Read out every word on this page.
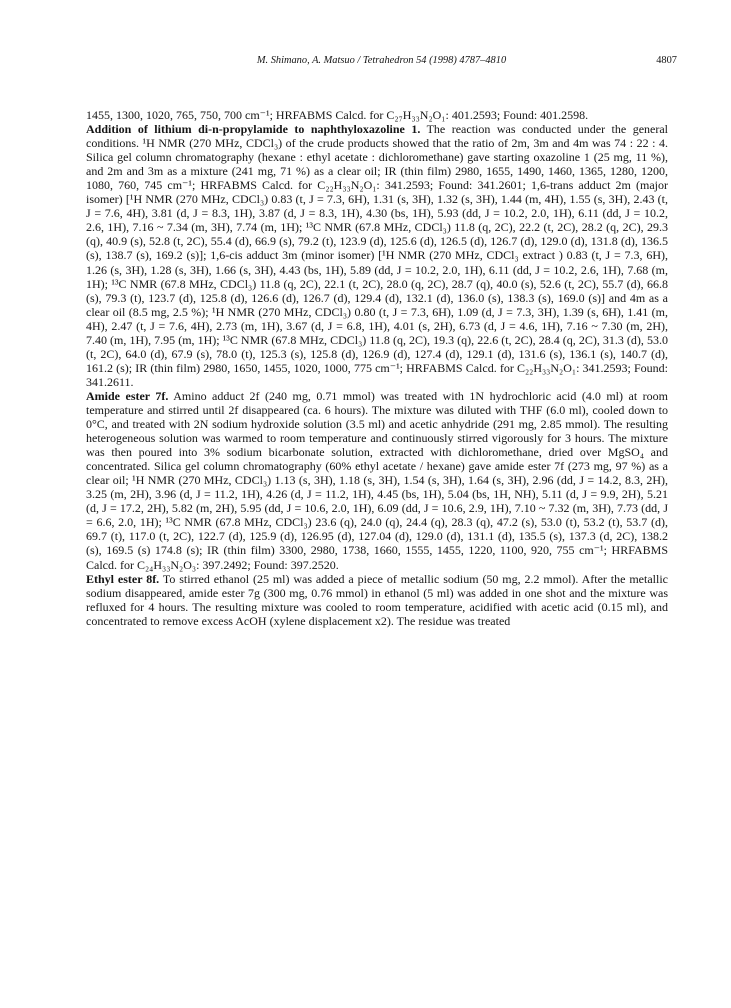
M. Shimano, A. Matsuo / Tetrahedron 54 (1998) 4787–4810	4807

1455, 1300, 1020, 765, 750, 700 cm⁻¹; HRFABMS Calcd. for C₂₇H₃₃N₂O₁: 401.2593; Found: 401.2598.

Addition of lithium di-n-propylamide to naphthyloxazoline 1. The reaction was conducted under the general conditions. ¹H NMR (270 MHz, CDCl₃) of the crude products showed that the ratio of 2m, 3m and 4m was 74 : 22 : 4. Silica gel column chromatography (hexane : ethyl acetate : dichloromethane) gave starting oxazoline 1 (25 mg, 11 %), and 2m and 3m as a mixture (241 mg, 71 %) as a clear oil; IR (thin film) 2980, 1655, 1490, 1460, 1365, 1280, 1200, 1080, 760, 745 cm⁻¹; HRFABMS Calcd. for C₂₂H₃₃N₂O₁: 341.2593; Found: 341.2601; 1,6-trans adduct 2m (major isomer) [¹H NMR (270 MHz, CDCl₃) 0.83 (t, J = 7.3, 6H), 1.31 (s, 3H), 1.32 (s, 3H), 1.44 (m, 4H), 1.55 (s, 3H), 2.43 (t, J = 7.6, 4H), 3.81 (d, J = 8.3, 1H), 3.87 (d, J = 8.3, 1H), 4.30 (bs, 1H), 5.93 (dd, J = 10.2, 2.0, 1H), 6.11 (dd, J = 10.2, 2.6, 1H), 7.16 ~ 7.34 (m, 3H), 7.74 (m, 1H); ¹³C NMR (67.8 MHz, CDCl₃) 11.8 (q, 2C), 22.2 (t, 2C), 28.2 (q, 2C), 29.3 (q), 40.9 (s), 52.8 (t, 2C), 55.4 (d), 66.9 (s), 79.2 (t), 123.9 (d), 125.6 (d), 126.5 (d), 126.7 (d), 129.0 (d), 131.8 (d), 136.5 (s), 138.7 (s), 169.2 (s)]; 1,6-cis adduct 3m (minor isomer) [¹H NMR (270 MHz, CDCl₃ extract ) 0.83 (t, J = 7.3, 6H), 1.26 (s, 3H), 1.28 (s, 3H), 1.66 (s, 3H), 4.43 (bs, 1H), 5.89 (dd, J = 10.2, 2.0, 1H), 6.11 (dd, J = 10.2, 2.6, 1H), 7.68 (m, 1H); ¹³C NMR (67.8 MHz, CDCl₃) 11.8 (q, 2C), 22.1 (t, 2C), 28.0 (q, 2C), 28.7 (q), 40.0 (s), 52.6 (t, 2C), 55.7 (d), 66.8 (s), 79.3 (t), 123.7 (d), 125.8 (d), 126.6 (d), 126.7 (d), 129.4 (d), 132.1 (d), 136.0 (s), 138.3 (s), 169.0 (s)] and 4m as a clear oil (8.5 mg, 2.5 %); ¹H NMR (270 MHz, CDCl₃) 0.80 (t, J = 7.3, 6H), 1.09 (d, J = 7.3, 3H), 1.39 (s, 6H), 1.41 (m, 4H), 2.47 (t, J = 7.6, 4H), 2.73 (m, 1H), 3.67 (d, J = 6.8, 1H), 4.01 (s, 2H), 6.73 (d, J = 4.6, 1H), 7.16 ~ 7.30 (m, 2H), 7.40 (m, 1H), 7.95 (m, 1H); ¹³C NMR (67.8 MHz, CDCl₃) 11.8 (q, 2C), 19.3 (q), 22.6 (t, 2C), 28.4 (q, 2C), 31.3 (d), 53.0 (t, 2C), 64.0 (d), 67.9 (s), 78.0 (t), 125.3 (s), 125.8 (d), 126.9 (d), 127.4 (d), 129.1 (d), 131.6 (s), 136.1 (s), 140.7 (d), 161.2 (s); IR (thin film) 2980, 1650, 1455, 1020, 1000, 775 cm⁻¹; HRFABMS Calcd. for C₂₂H₃₃N₂O₁: 341.2593; Found: 341.2611.

Amide ester 7f. Amino adduct 2f (240 mg, 0.71 mmol) was treated with 1N hydrochloric acid (4.0 ml) at room temperature and stirred until 2f disappeared (ca. 6 hours). The mixture was diluted with THF (6.0 ml), cooled down to 0°C, and treated with 2N sodium hydroxide solution (3.5 ml) and acetic anhydride (291 mg, 2.85 mmol). The resulting heterogeneous solution was warmed to room temperature and continuously stirred vigorously for 3 hours. The mixture was then poured into 3% sodium bicarbonate solution, extracted with dichloromethane, dried over MgSO₄ and concentrated. Silica gel column chromatography (60% ethyl acetate / hexane) gave amide ester 7f (273 mg, 97 %) as a clear oil; ¹H NMR (270 MHz, CDCl₃) 1.13 (s, 3H), 1.18 (s, 3H), 1.54 (s, 3H), 1.64 (s, 3H), 2.96 (dd, J = 14.2, 8.3, 2H), 3.25 (m, 2H), 3.96 (d, J = 11.2, 1H), 4.26 (d, J = 11.2, 1H), 4.45 (bs, 1H), 5.04 (bs, 1H, NH), 5.11 (d, J = 9.9, 2H), 5.21 (d, J = 17.2, 2H), 5.82 (m, 2H), 5.95 (dd, J = 10.6, 2.0, 1H), 6.09 (dd, J = 10.6, 2.9, 1H), 7.10 ~ 7.32 (m, 3H), 7.73 (dd, J = 6.6, 2.0, 1H); ¹³C NMR (67.8 MHz, CDCl₃) 23.6 (q), 24.0 (q), 24.4 (q), 28.3 (q), 47.2 (s), 53.0 (t), 53.2 (t), 53.7 (d), 69.7 (t), 117.0 (t, 2C), 122.7 (d), 125.9 (d), 126.95 (d), 127.04 (d), 129.0 (d), 131.1 (d), 135.5 (s), 137.3 (d, 2C), 138.2 (s), 169.5 (s) 174.8 (s); IR (thin film) 3300, 2980, 1738, 1660, 1555, 1455, 1220, 1100, 920, 755 cm⁻¹; HRFABMS Calcd. for C₂₄H₃₃N₂O₃: 397.2492; Found: 397.2520.

Ethyl ester 8f. To stirred ethanol (25 ml) was added a piece of metallic sodium (50 mg, 2.2 mmol). After the metallic sodium disappeared, amide ester 7g (300 mg, 0.76 mmol) in ethanol (5 ml) was added in one shot and the mixture was refluxed for 4 hours. The resulting mixture was cooled to room temperature, acidified with acetic acid (0.15 ml), and concentrated to remove excess AcOH (xylene displacement x2). The residue was treated
